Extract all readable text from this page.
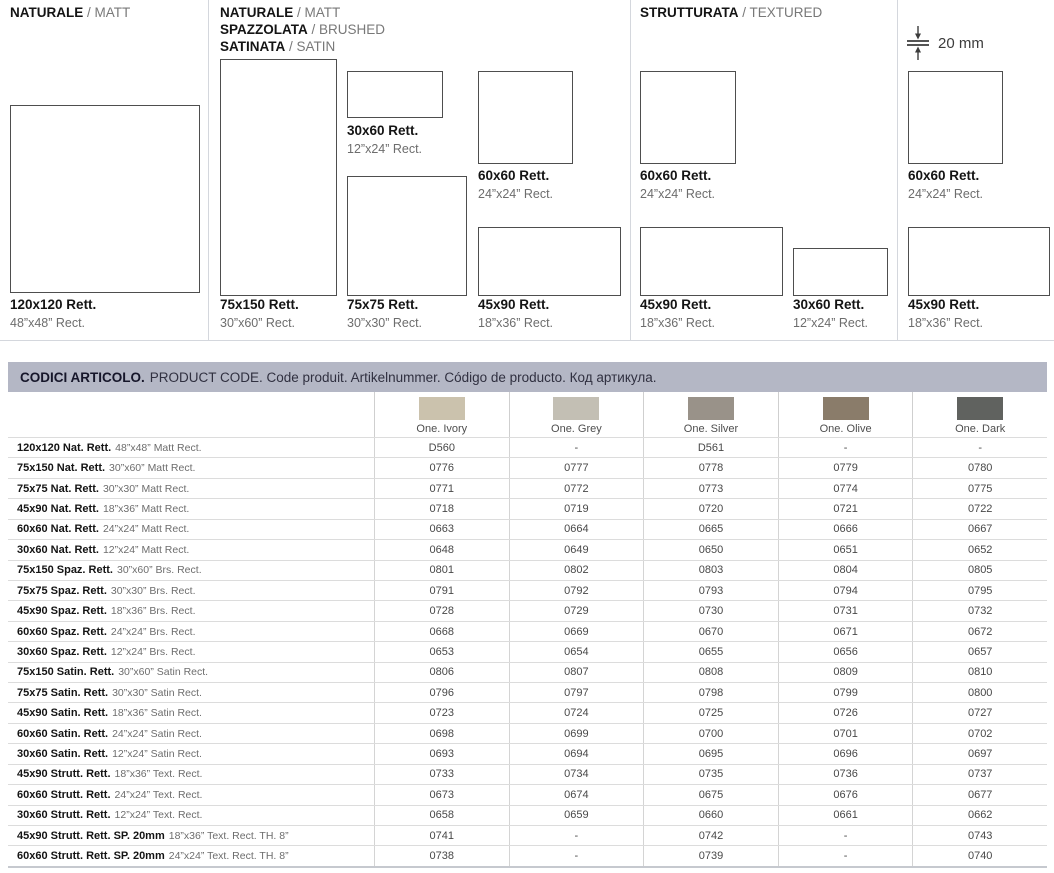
NATURALE / MATT
120x120 Rett.
48”x48” Rect.
NATURALE / MATT
SPAZZOLATA / BRUSHED
SATINATA / SATIN
75x150 Rett.
30”x60” Rect.
30x60 Rett.
12”x24” Rect.
75x75 Rett.
30”x30” Rect.
60x60 Rett.
24”x24” Rect.
45x90 Rett.
18”x36” Rect.
STRUTTURATA / TEXTURED
60x60 Rett.
24”x24” Rect.
45x90 Rett.
18”x36” Rect.
30x60 Rett.
12”x24” Rect.
20 mm
60x60 Rett.
24”x24” Rect.
45x90 Rett.
18”x36” Rect.
CODICI ARTICOLO. PRODUCT CODE. Code produit. Artikelnummer. Código de producto. Код артикула.
One. Ivory	One. Grey	One. Silver	One. Olive	One. Dark
120x120 Nat. Rett. 48”x48” Matt Rect.	D560	-	D561	-	-
75x150 Nat. Rett. 30”x60” Matt Rect.	0776	0777	0778	0779	0780
75x75 Nat. Rett. 30”x30” Matt Rect.	0771	0772	0773	0774	0775
45x90 Nat. Rett. 18”x36” Matt Rect.	0718	0719	0720	0721	0722
60x60 Nat. Rett. 24”x24” Matt Rect.	0663	0664	0665	0666	0667
30x60 Nat. Rett. 12”x24” Matt Rect.	0648	0649	0650	0651	0652
75x150 Spaz. Rett. 30”x60” Brs. Rect.	0801	0802	0803	0804	0805
75x75 Spaz. Rett. 30”x30” Brs. Rect.	0791	0792	0793	0794	0795
45x90 Spaz. Rett. 18”x36” Brs. Rect.	0728	0729	0730	0731	0732
60x60 Spaz. Rett. 24”x24” Brs. Rect.	0668	0669	0670	0671	0672
30x60 Spaz. Rett. 12”x24” Brs. Rect.	0653	0654	0655	0656	0657
75x150 Satin. Rett. 30”x60” Satin Rect.	0806	0807	0808	0809	0810
75x75 Satin. Rett. 30”x30” Satin Rect.	0796	0797	0798	0799	0800
45x90 Satin. Rett. 18”x36” Satin Rect.	0723	0724	0725	0726	0727
60x60 Satin. Rett. 24”x24” Satin Rect.	0698	0699	0700	0701	0702
30x60 Satin. Rett. 12”x24” Satin Rect.	0693	0694	0695	0696	0697
45x90 Strutt. Rett. 18”x36” Text. Rect.	0733	0734	0735	0736	0737
60x60 Strutt. Rett. 24”x24” Text. Rect.	0673	0674	0675	0676	0677
30x60 Strutt. Rett. 12”x24” Text. Rect.	0658	0659	0660	0661	0662
45x90 Strutt. Rett. SP. 20mm 18”x36” Text. Rect. TH. 8”	0741	-	0742	-	0743
60x60 Strutt. Rett. SP. 20mm 24”x24” Text. Rect. TH. 8”	0738	-	0739	-	0740
